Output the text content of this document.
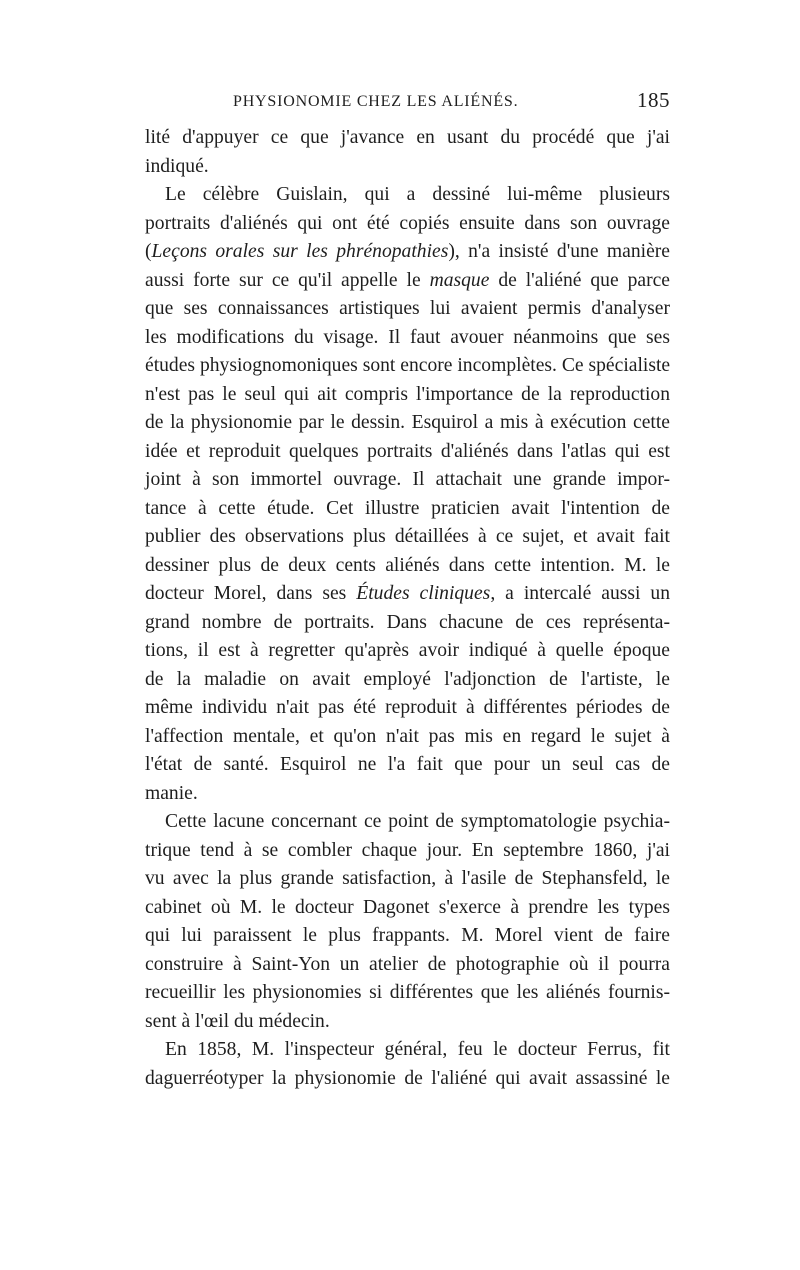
PHYSIONOMIE CHEZ LES ALIÉNÉS.	185
lité d'appuyer ce que j'avance en usant du procédé que j'ai
indiqué.
Le célèbre Guislain, qui a dessiné lui-même plusieurs
portraits d'aliénés qui ont été copiés ensuite dans son ouvrage
(Leçons orales sur les phrénopathies), n'a insisté d'une manière
aussi forte sur ce qu'il appelle le masque de l'aliéné que parce
que ses connaissances artistiques lui avaient permis d'analyser
les modifications du visage. Il faut avouer néanmoins que ses
études physiognomoniques sont encore incomplètes. Ce spécialiste
n'est pas le seul qui ait compris l'importance de la reproduction
de la physionomie par le dessin. Esquirol a mis à exécution cette
idée et reproduit quelques portraits d'aliénés dans l'atlas qui est
joint à son immortel ouvrage. Il attachait une grande impor-
tance à cette étude. Cet illustre praticien avait l'intention de
publier des observations plus détaillées à ce sujet, et avait fait
dessiner plus de deux cents aliénés dans cette intention. M. le
docteur Morel, dans ses Études cliniques, a intercalé aussi un
grand nombre de portraits. Dans chacune de ces représenta-
tions, il est à regretter qu'après avoir indiqué à quelle époque
de la maladie on avait employé l'adjonction de l'artiste, le
même individu n'ait pas été reproduit à différentes périodes de
l'affection mentale, et qu'on n'ait pas mis en regard le sujet à
l'état de santé. Esquirol ne l'a fait que pour un seul cas de
manie.
Cette lacune concernant ce point de symptomatologie psychia-
trique tend à se combler chaque jour. En septembre 1860, j'ai
vu avec la plus grande satisfaction, à l'asile de Stephansfeld, le
cabinet où M. le docteur Dagonet s'exerce à prendre les types
qui lui paraissent le plus frappants. M. Morel vient de faire
construire à Saint-Yon un atelier de photographie où il pourra
recueillir les physionomies si différentes que les aliénés fournis-
sent à l'œil du médecin.
En 1858, M. l'inspecteur général, feu le docteur Ferrus, fit
daguerréotyper la physionomie de l'aliéné qui avait assassiné le
